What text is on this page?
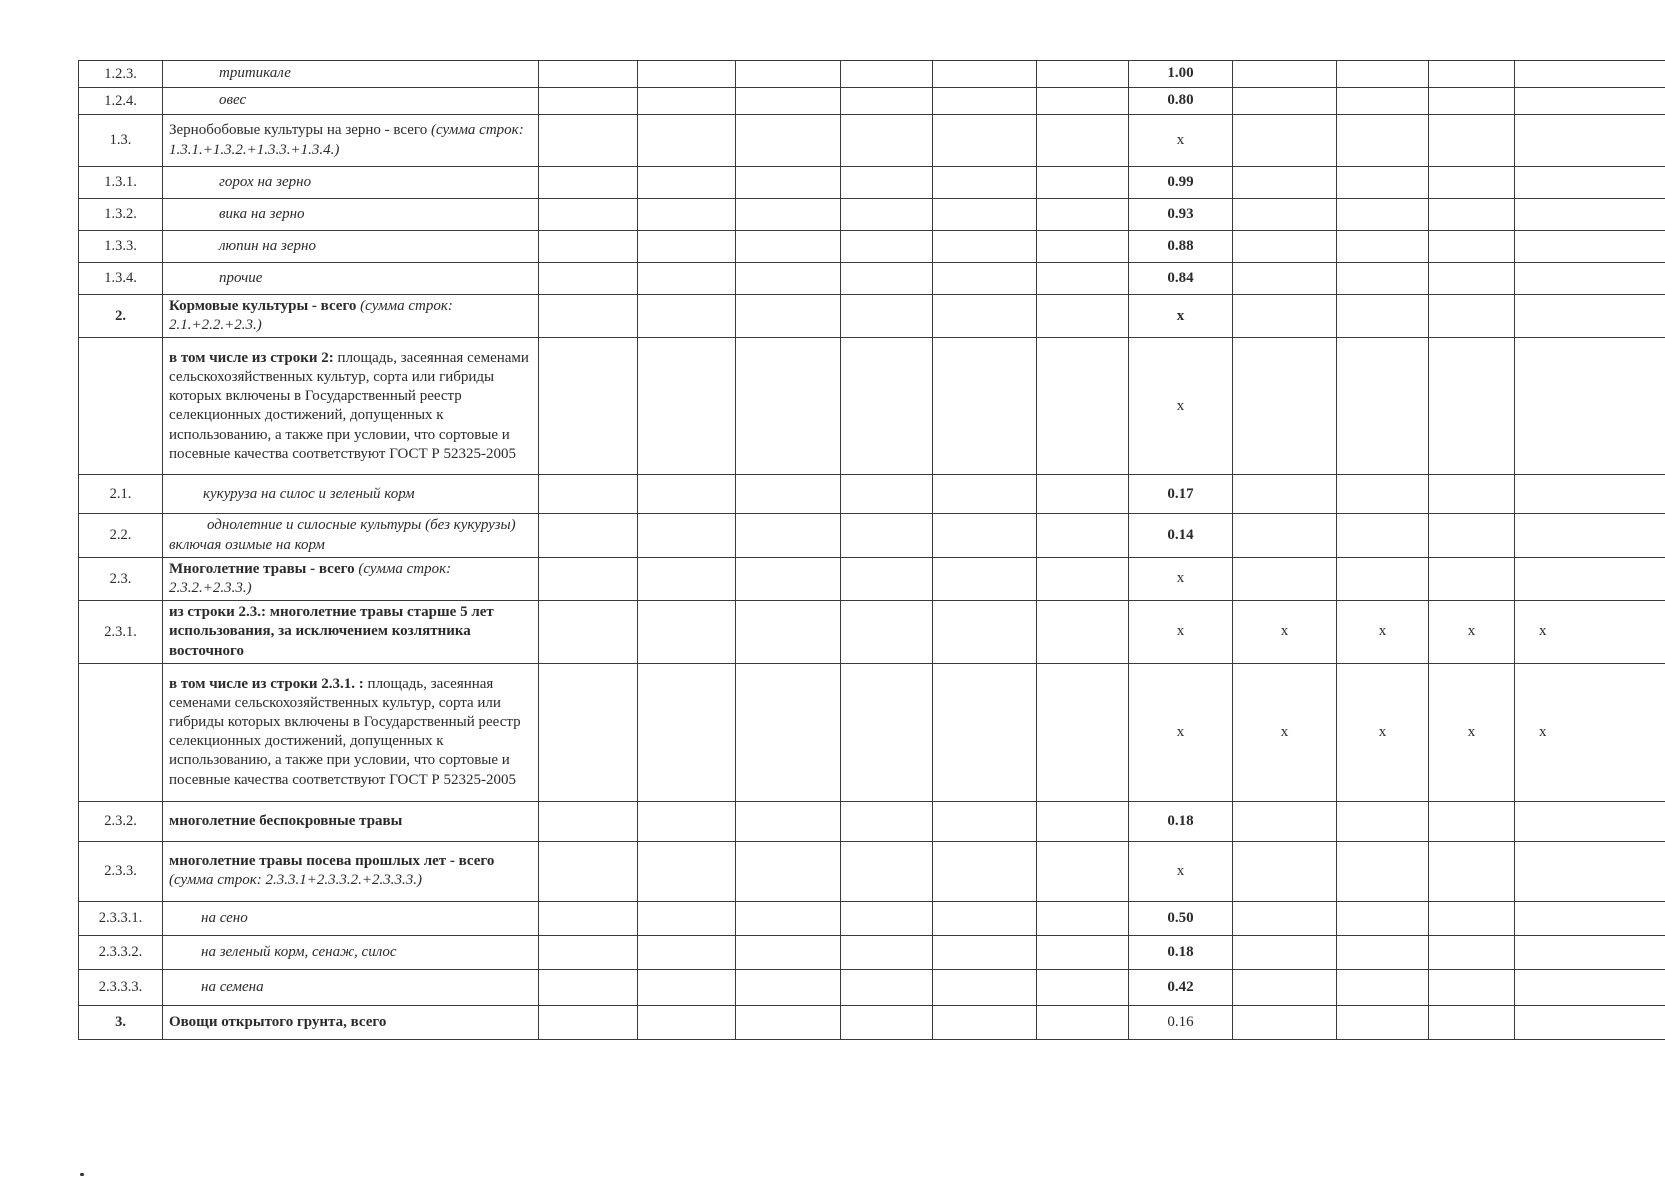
1.2.3.	тритикале							1.00				
1.2.4.	овес							0.80				
1.3.	Зернобобовые культуры на зерно - всего (сумма строк: 1.3.1.+1.3.2.+1.3.3.+1.3.4.)							x				
1.3.1.	горох на зерно							0.99				
1.3.2.	вика на зерно							0.93				
1.3.3.	люпин на зерно							0.88				
1.3.4.	прочие							0.84				
2.	Кормовые культуры - всего (сумма строк: 2.1.+2.2.+2.3.)							x				
	в том числе из строки 2: площадь, засеянная семенами сельскохозяйственных культур, сорта или гибриды которых включены в Государственный реестр селекционных достижений, допущенных к использованию, а также при условии, что сортовые и посевные качества соответствуют ГОСТ Р 52325-2005							x				
2.1.	кукуруза на силос и зеленый корм							0.17				
2.2.	однолетние и силосные культуры (без кукурузы) включая озимые на корм							0.14				
2.3.	Многолетние травы - всего (сумма строк: 2.3.2.+2.3.3.)							x				
2.3.1.	из строки 2.3.: многолетние травы старше 5 лет использования, за исключением козлятника восточного							x	x	x	x	x
	в том числе из строки 2.3.1. : площадь, засеянная семенами сельскохозяйственных культур, сорта или гибриды которых включены в Государственный реестр селекционных достижений, допущенных к использованию, а также при условии, что сортовые и посевные качества соответствуют ГОСТ Р 52325-2005							x	x	x	x	x
2.3.2.	многолетние беспокровные травы							0.18				
2.3.3.	многолетние травы посева прошлых лет - всего (сумма строк: 2.3.3.1+2.3.3.2.+2.3.3.3.)							x				
2.3.3.1.	на сено							0.50				
2.3.3.2.	на зеленый корм, сенаж, силос							0.18				
2.3.3.3.	на семена							0.42				
3.	Овощи открытого грунта, всего							0.16				
